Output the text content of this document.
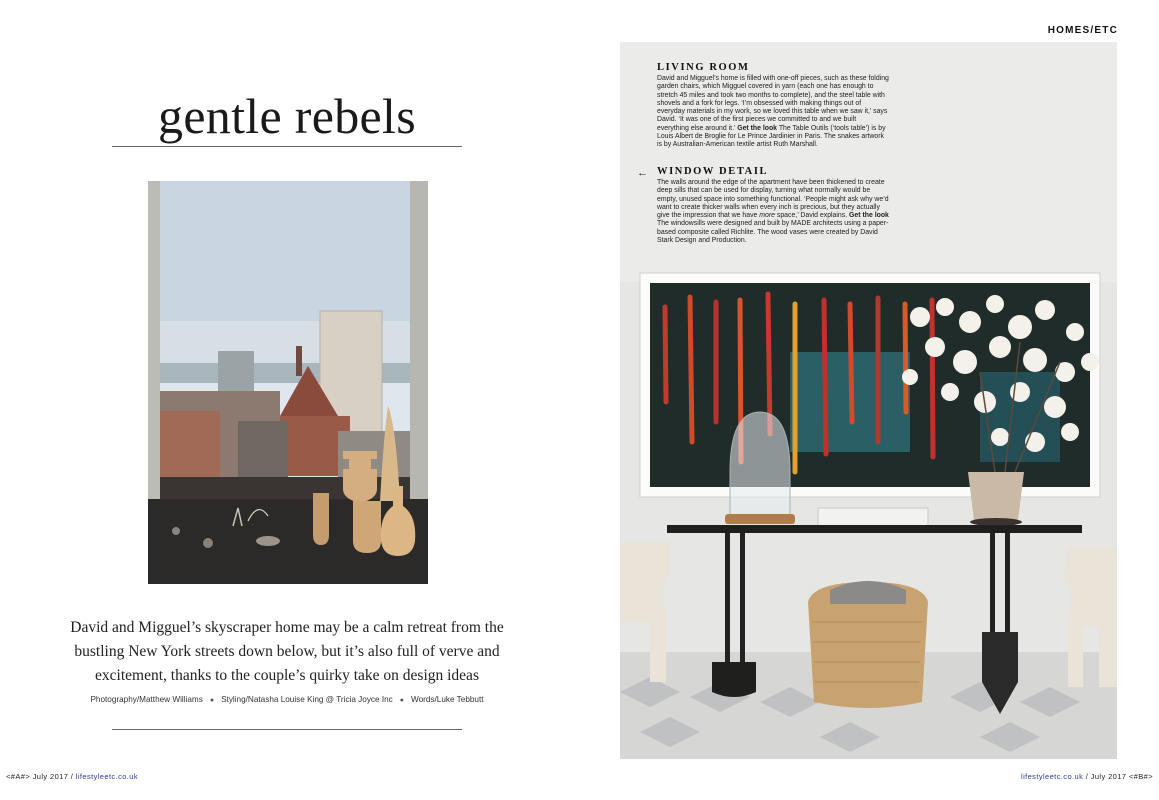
gentle rebels
David and Migguel’s skyscraper home may be a calm retreat from the bustling New York streets down below, but it’s also full of verve and excitement, thanks to the couple’s quirky take on design ideas
Photography/Matthew Williams ● Styling/Natasha Louise King @ Tricia Joyce Inc ● Words/Luke Tebbutt
<#A#> July 2017 / lifestyleetc.co.uk
HOMES/ETC
LIVING ROOM
David and Migguel’s home is filled with one-off pieces, such as these folding garden chairs, which Migguel covered in yarn (each one has enough to stretch 45 miles and took two months to complete), and the steel table with shovels and a fork for legs. ‘I’m obsessed with making things out of everyday materials in my work, so we loved this table when we saw it,’ says David. ‘It was one of the first pieces we committed to and we built everything else around it.’ Get the look The Table Outils (‘tools table’) is by Louis Albert de Broglie for Le Prince Jardinier in Paris. The snakes artwork is by Australian-American textile artist Ruth Marshall.
← WINDOW DETAIL
The walls around the edge of the apartment have been thickened to create deep sills that can be used for display, turning what normally would be empty, unused space into something functional. ‘People might ask why we’d want to create thicker walls when every inch is precious, but they actually give the impression that we have more space,’ David explains. Get the look The windowsills were designed and built by MADE architects using a paper-based composite called Richlite. The wood vases were created by David Stark Design and Production.
lifestyleetc.co.uk / July 2017 <#B#>
